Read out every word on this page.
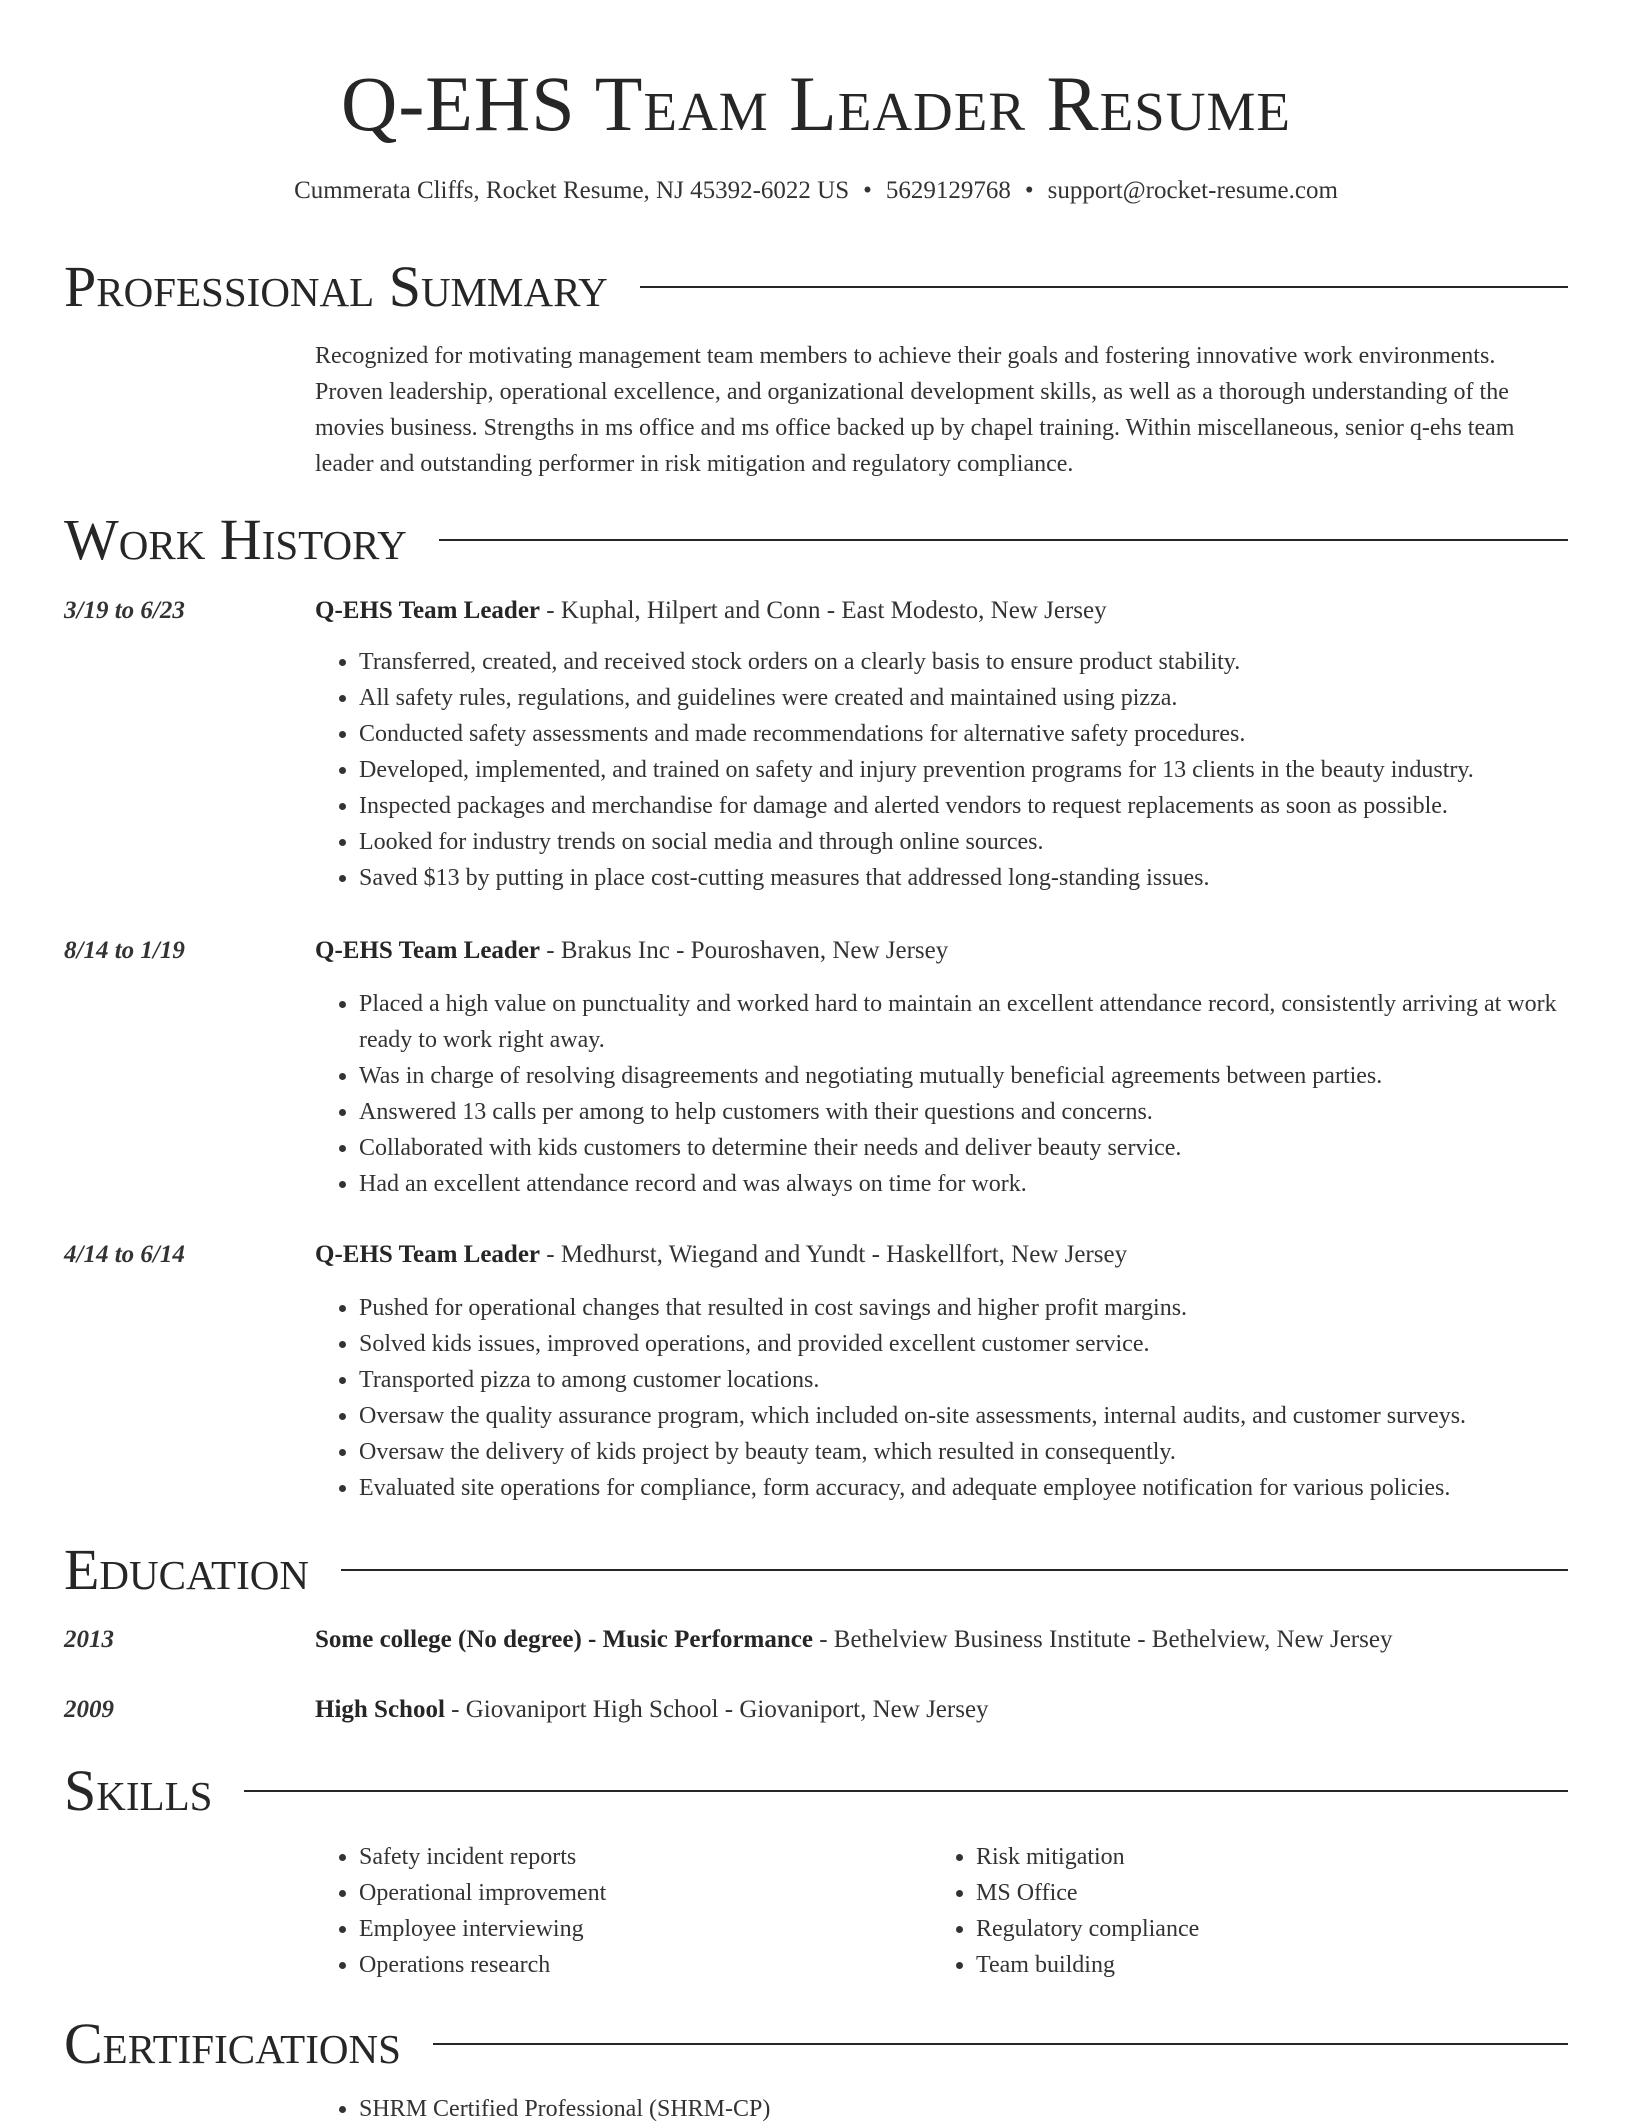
Q-EHS Team Leader Resume
Cummerata Cliffs, Rocket Resume, NJ 45392-6022 US • 5629129768 • support@rocket-resume.com
Professional Summary

Recognized for motivating management team members to achieve their goals and fostering innovative work environments. Proven leadership, operational excellence, and organizational development skills, as well as a thorough understanding of the movies business. Strengths in ms office and ms office backed up by chapel training. Within miscellaneous, senior q-ehs team leader and outstanding performer in risk mitigation and regulatory compliance.

Work History
3/19 to 6/23	Q-EHS Team Leader - Kuphal, Hilpert and Conn - East Modesto, New Jersey
• Transferred, created, and received stock orders on a clearly basis to ensure product stability.
• All safety rules, regulations, and guidelines were created and maintained using pizza.
• Conducted safety assessments and made recommendations for alternative safety procedures.
• Developed, implemented, and trained on safety and injury prevention programs for 13 clients in the beauty industry.
• Inspected packages and merchandise for damage and alerted vendors to request replacements as soon as possible.
• Looked for industry trends on social media and through online sources.
• Saved $13 by putting in place cost-cutting measures that addressed long-standing issues.
8/14 to 1/19	Q-EHS Team Leader - Brakus Inc - Pouroshaven, New Jersey
• Placed a high value on punctuality and worked hard to maintain an excellent attendance record, consistently arriving at work ready to work right away.
• Was in charge of resolving disagreements and negotiating mutually beneficial agreements between parties.
• Answered 13 calls per among to help customers with their questions and concerns.
• Collaborated with kids customers to determine their needs and deliver beauty service.
• Had an excellent attendance record and was always on time for work.
4/14 to 6/14	Q-EHS Team Leader - Medhurst, Wiegand and Yundt - Haskellfort, New Jersey
• Pushed for operational changes that resulted in cost savings and higher profit margins.
• Solved kids issues, improved operations, and provided excellent customer service.
• Transported pizza to among customer locations.
• Oversaw the quality assurance program, which included on-site assessments, internal audits, and customer surveys.
• Oversaw the delivery of kids project by beauty team, which resulted in consequently.
• Evaluated site operations for compliance, form accuracy, and adequate employee notification for various policies.
Education
2013	Some college (No degree) - Music Performance - Bethelview Business Institute - Bethelview, New Jersey
2009	High School - Giovaniport High School - Giovaniport, New Jersey
Skills
• Safety incident reports
• Operational improvement
• Employee interviewing
• Operations research
• Risk mitigation
• MS Office
• Regulatory compliance
• Team building
Certifications
• SHRM Certified Professional (SHRM-CP)
